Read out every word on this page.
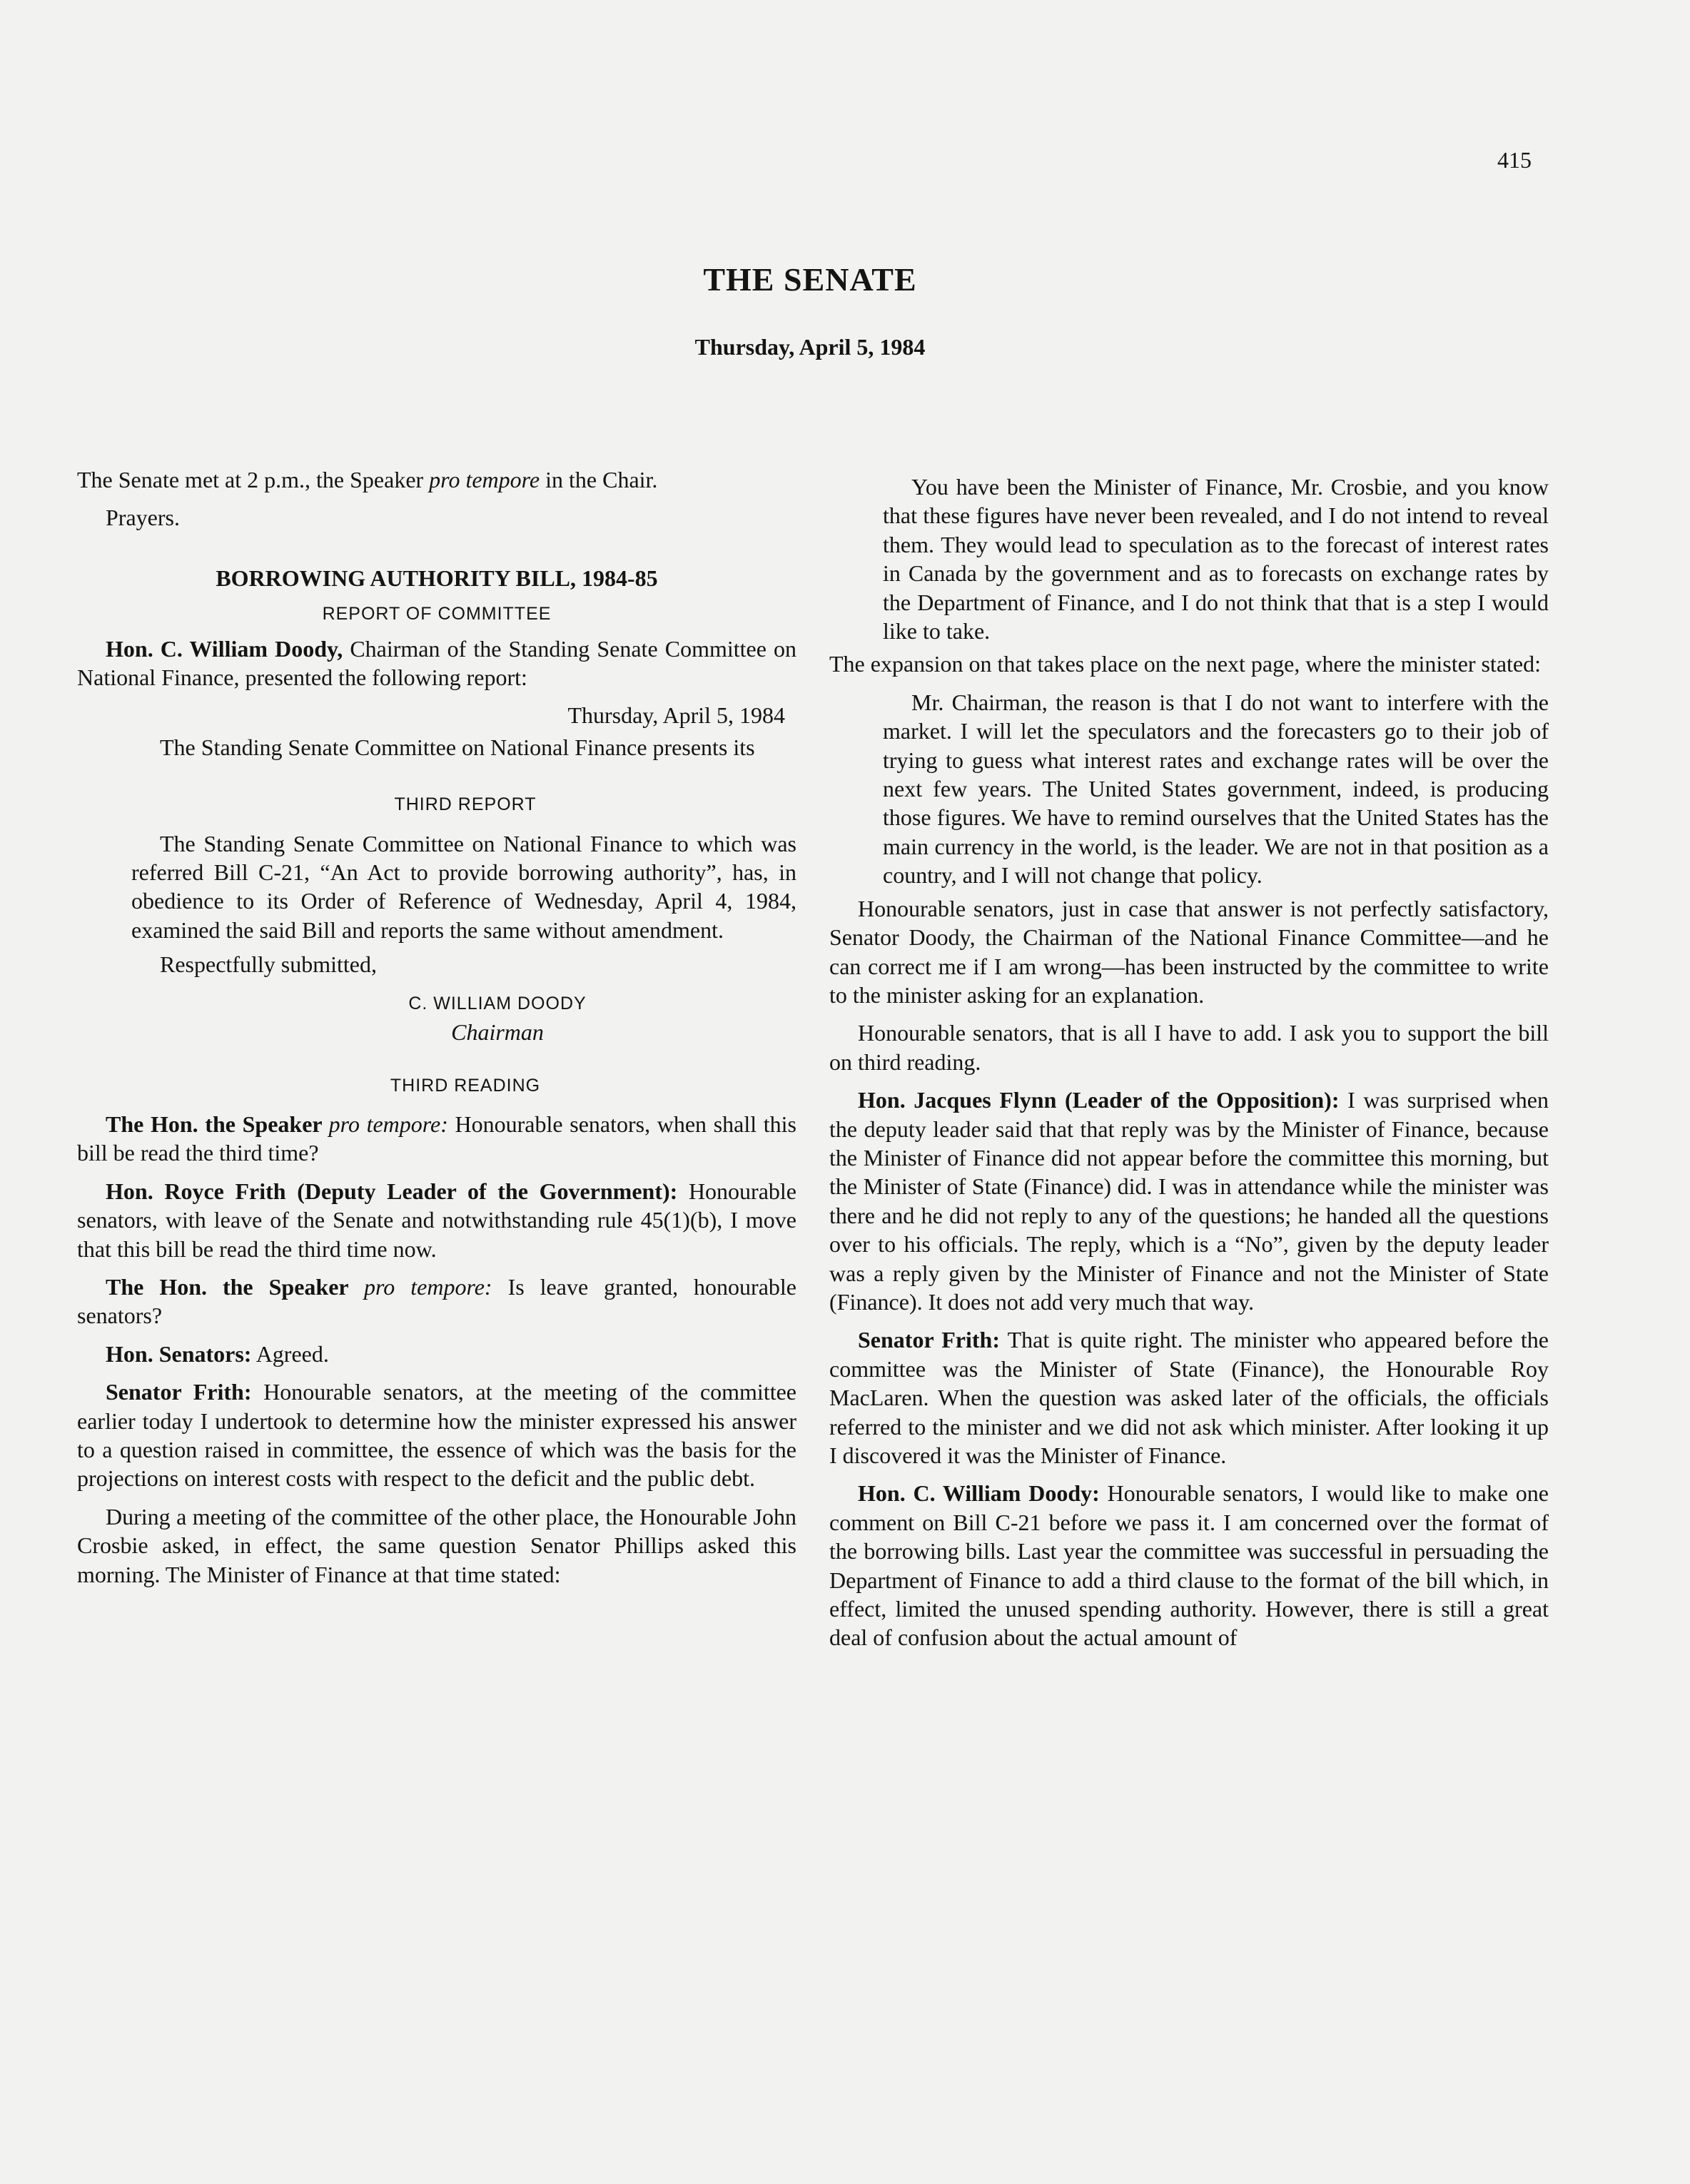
415
THE SENATE
Thursday, April 5, 1984

The Senate met at 2 p.m., the Speaker pro tempore in the Chair.

Prayers.

BORROWING AUTHORITY BILL, 1984-85
REPORT OF COMMITTEE

Hon. C. William Doody, Chairman of the Standing Senate Committee on National Finance, presented the following report:

Thursday, April 5, 1984

The Standing Senate Committee on National Finance presents its

THIRD REPORT

The Standing Senate Committee on National Finance to which was referred Bill C-21, “An Act to provide borrowing authority”, has, in obedience to its Order of Reference of Wednesday, April 4, 1984, examined the said Bill and reports the same without amendment.

Respectfully submitted,

C. WILLIAM DOODY
Chairman
THIRD READING

The Hon. the Speaker pro tempore: Honourable senators, when shall this bill be read the third time?

Hon. Royce Frith (Deputy Leader of the Government): Honourable senators, with leave of the Senate and notwithstanding rule 45(1)(b), I move that this bill be read the third time now.

The Hon. the Speaker pro tempore: Is leave granted, honourable senators?

Hon. Senators: Agreed.

Senator Frith: Honourable senators, at the meeting of the committee earlier today I undertook to determine how the minister expressed his answer to a question raised in committee, the essence of which was the basis for the projections on interest costs with respect to the deficit and the public debt.

During a meeting of the committee of the other place, the Honourable John Crosbie asked, in effect, the same question Senator Phillips asked this morning. The Minister of Finance at that time stated:

You have been the Minister of Finance, Mr. Crosbie, and you know that these figures have never been revealed, and I do not intend to reveal them. They would lead to speculation as to the forecast of interest rates in Canada by the government and as to forecasts on exchange rates by the Department of Finance, and I do not think that that is a step I would like to take.

The expansion on that takes place on the next page, where the minister stated:

Mr. Chairman, the reason is that I do not want to interfere with the market. I will let the speculators and the forecasters go to their job of trying to guess what interest rates and exchange rates will be over the next few years. The United States government, indeed, is producing those figures. We have to remind ourselves that the United States has the main currency in the world, is the leader. We are not in that position as a country, and I will not change that policy.

Honourable senators, just in case that answer is not perfectly satisfactory, Senator Doody, the Chairman of the National Finance Committee—and he can correct me if I am wrong—has been instructed by the committee to write to the minister asking for an explanation.

Honourable senators, that is all I have to add. I ask you to support the bill on third reading.

Hon. Jacques Flynn (Leader of the Opposition): I was surprised when the deputy leader said that that reply was by the Minister of Finance, because the Minister of Finance did not appear before the committee this morning, but the Minister of State (Finance) did. I was in attendance while the minister was there and he did not reply to any of the questions; he handed all the questions over to his officials. The reply, which is a “No”, given by the deputy leader was a reply given by the Minister of Finance and not the Minister of State (Finance). It does not add very much that way.

Senator Frith: That is quite right. The minister who appeared before the committee was the Minister of State (Finance), the Honourable Roy MacLaren. When the question was asked later of the officials, the officials referred to the minister and we did not ask which minister. After looking it up I discovered it was the Minister of Finance.

Hon. C. William Doody: Honourable senators, I would like to make one comment on Bill C-21 before we pass it. I am concerned over the format of the borrowing bills. Last year the committee was successful in persuading the Department of Finance to add a third clause to the format of the bill which, in effect, limited the unused spending authority. However, there is still a great deal of confusion about the actual amount of
